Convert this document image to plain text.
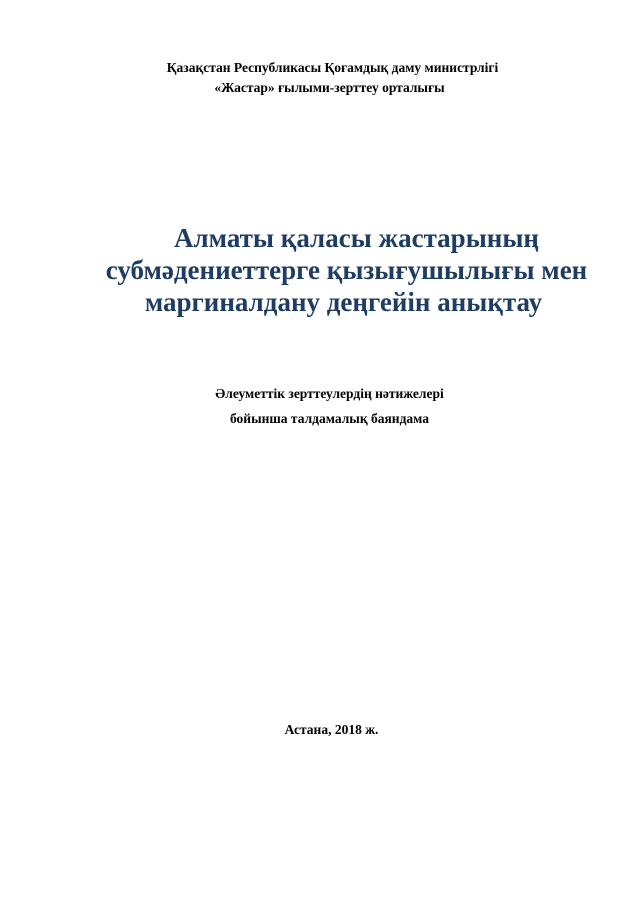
Қазақстан Республикасы Қоғамдық даму министрлігі
«Жастар» ғылыми-зерттеу орталығы
Алматы қаласы жастарының
субмәдениеттерге қызығушылығы мен
маргиналдану деңгейін анықтау
Әлеуметтік зерттеулердің нәтижелері
бойынша талдамалық баяндама
Астана, 2018 ж.
